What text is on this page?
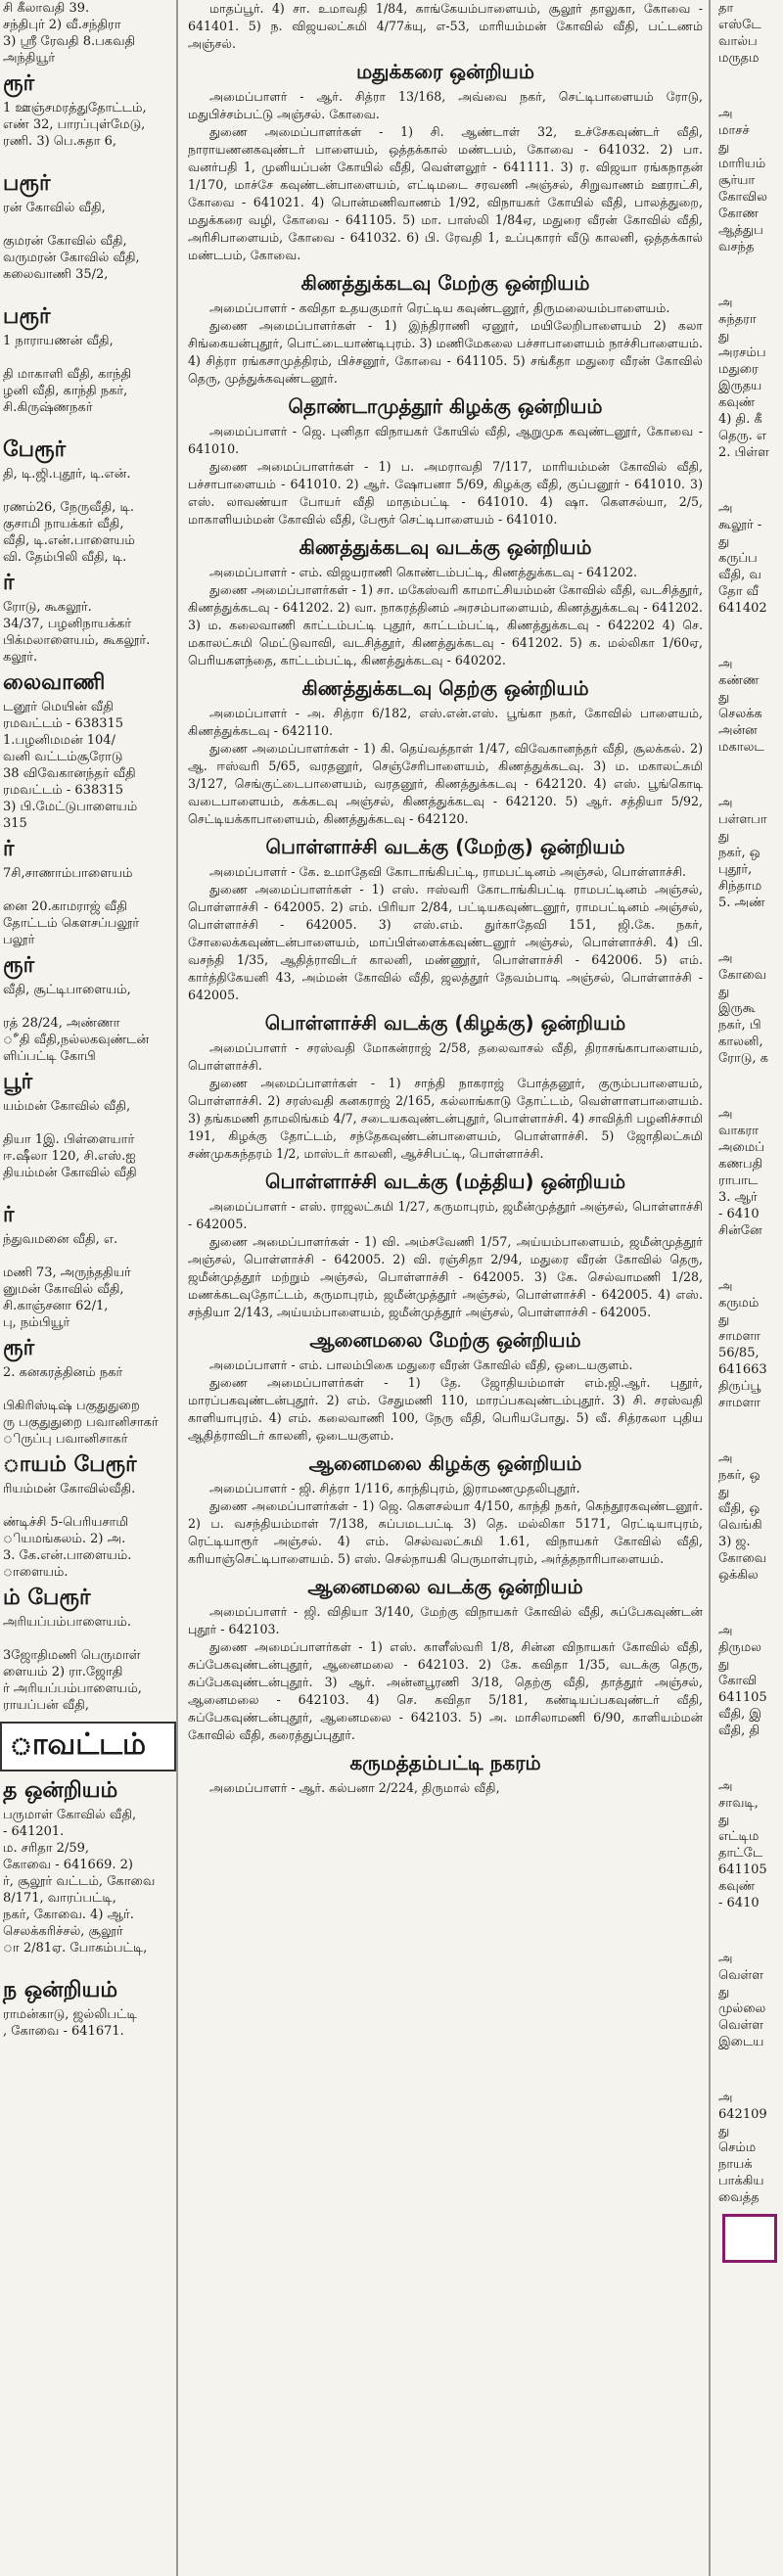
சி கீலாவதி 39.
சந்திபுர் 2) வீ.சந்திரா
3) ஸ்ரீ ரேவதி 8.பகவதி
அந்தியூர்
ரூர்
1 ஊஞ்சமரத்துதோட்டம்,
எண் 32, பாரப்புள்மேடு,
ரணி. 3) பெ.சுதா 6,

பரூர்
ரன் கோவில் வீதி,

குமரன் கோவில் வீதி,
வருமரன் கோவில் வீதி,
கலைவாணி 35/2,

பரூர்
1 நாராயணன் வீதி,

தி மாகாளி வீதி, காந்தி
ழனி வீதி, காந்தி நகர்,
சி.கிருஷ்ணநகர்

பேரூர்
தி, டி.ஜி.புதூர், டி.என்.

ரணம்26, நேருவீதி, டி.
குசாமி நாயக்கர் வீதி,
வீதி, டி.என்.பாளையம்
வி. தேம்பிலி வீதி, டி.
ர்
ரோடு, கூகலூர்.
34/37, பழனிநாயக்கர்
பிக்மலாளையம், கூகலூர்.
கலூர்.
லைவாணி
டனூர் மெயின் வீதி
ரமவட்டம் - 638315
1.பழனிமமன் 104/
வனி வட்டம்சூரோடு
38 விவேகானந்தர் வீதி
ரமவட்டம் - 638315
3) பி.மேட்டுபாளையம்
315
ர்
7சி,சாணாம்பாளையம்

னை 20.காமராஜ் வீதி
தோட்டம் கௌசப்பலூர்
பலூர்
ரூர்
வீதி, சூட்டிபாளையம்,

ரத் 28/24, அண்ணா
ீதி வீதி,நல்லகவுண்டன்
ளிப்பட்டி கோபி
பூர்
யம்மன் கோவில் வீதி,

தியா 1இ. பிள்ளையார்
ஈ.ஷீலா 120, சி.எஸ்.ஐ
தியம்மன் கோவில் வீதி

ர்
ந்துவமனை வீதி, எ.

மணி 73, அருந்ததியர்
னுமன் கோவில் வீதி,
சி.காஞ்சனா 62/1,
பு, நம்பியூர்
ரூர்
2. கனகரத்தினம் நகர்

பிகிரிஸ்டிஷ் பகுதுதுறை
ரு பகுதுதுறை பவானிசாகர்
ிருப்பு பவானிசாகர்
ாயம் பேரூர்
ரியம்மன் கோவில்வீதி.

ண்டிச்சி 5-பெரியசாமி
ியமங்கலம். 2) அ.
3. கே.என்.பாளையம்.
ாளையம்.
ம் பேரூர்
அரியப்பம்பாளையம்.

3ஜோதிமணி பெருமாள்
ளையம் 2) ரா.ஜோதி
ர் அரியப்பம்பாளையம்,
ராயப்பன் வீதி,
ாவட்டம்
த ஒன்றியம்
பருமாள் கோவில் வீதி,
- 641201.
ம. சரிதா 2/59,
கோவை - 641669. 2)
ர், சூலூர் வட்டம், கோவை
8/171, வாரப்பட்டி,
நகர், கோவை. 4) ஆர்.
செலக்கரிச்சல், சூலூர்
ா 2/81ஏ. போகம்பட்டி,

ந ஒன்றியம்
ராமன்காடு, ஜல்லிபட்டி
, கோவை - 641671.

மாதப்பூர். 4) சா. உமாவதி 1/84, காங்கேயம்பாளையம், சூலூர் தாலுகா, கோவை - 641401. 5) ந. விஜயலட்சுமி 4/77க்யு, எ-53, மாரியம்மன் கோவில் வீதி, பட்டணம் அஞ்சல்.

மதுக்கரை ஒன்றியம்

அமைப்பாளர் - ஆர். சித்ரா 13/168, அவ்வை நகர், செட்டிபாளையம் ரோடு, மதுபிச்சம்பட்டு அஞ்சல். கோவை.

துணை அமைப்பாளர்கள் - 1) சி. ஆண்டாள் 32, உச்சேகவுண்டர் வீதி, நாராயணனகவுண்டர் பாளையம், ஒத்தக்கால் மண்டபம், கோவை - 641032. 2) பா. வனர்பதி 1, முனியப்பன் கோயில் வீதி, வெள்ளலூர் - 641111. 3) ர. விஜயா ரங்கநாதன் 1/170, மாச்சே கவுண்டன்பாளையம், எட்டிமடை சரவணி அஞ்சல், சிறுவாணம் ஊராட்சி, கோவை - 641021. 4) பொன்மணிவாணம் 1/92, விநாயகர் கோயில் வீதி, பாலத்துறை, மதுக்கரை வழி, கோவை - 641105. 5) மா. பாஸ்லி 1/84ஏ, மதுரை வீரன் கோவில் வீதி, அரிசிபாளையம், கோவை - 641032. 6) பி. ரேவதி 1, உப்புகாரர் வீடு காலனி, ஒத்தக்கால் மண்டபம், கோவை.

கிணத்துக்கடவு மேற்கு ஒன்றியம்

அமைப்பாளர் - கவிதா உதயகுமார் ரெட்டிய கவுண்டனூர், திருமலையம்பாளையம்.

துணை அமைப்பாளர்கள் - 1) இந்திராணி ஏனூர், மயிலேறிபாளையம் 2) கலா சிங்கையன்புதூர், பொட்டையாண்டிபுரம். 3) மணிமேகலை பச்சாபாளையம் நாச்சிபாளையம். 4) சித்ரா ரங்கசாமுத்திரம், பிச்சனூர், கோவை - 641105. 5) சங்கீதா மதுரை வீரன் கோவில் தெரு, முத்துக்கவுண்டனூர்.

தொண்டாமுத்தூர் கிழக்கு ஒன்றியம்

அமைப்பாளர் - ஜெ. புனிதா விநாயகர் கோயில் வீதி, ஆறுமுக கவுண்டனூர், கோவை - 641010.

துணை அமைப்பாளர்கள் - 1) ப. அமராவதி 7/117, மாரியம்மன் கோவில் வீதி, பச்சாபாளையம் - 641010. 2) ஆர். ஷோபனா 5/69, கிழக்கு வீதி, குப்பனூர் - 641010. 3) எஸ். லாவண்யா போயர் வீதி மாதம்பட்டி - 641010. 4) ஷா. கௌசல்யா, 2/5, மாகாளியம்மன் கோவில் வீதி, பேரூர் செட்டிபாளையம் - 641010.

கிணத்துக்கடவு வடக்கு ஒன்றியம்

அமைப்பாளர் - எம். விஜயராணி கொண்டம்பட்டி, கிணத்துக்கடவு - 641202.

துணை அமைப்பாளர்கள் - 1) சா. மகேஸ்வரி காமாட்சியம்மன் கோவில் வீதி, வடசித்தூர், கிணத்துக்கடவு - 641202. 2) வா. நாகரத்தினம் அரசம்பாளையம், கிணத்துக்கடவு - 641202. 3) ம. கலைவாணி காட்டம்பட்டி புதூர், காட்டம்பட்டி, கிணத்துக்கடவு - 642202 4) செ. மகாலட்சுமி மெட்டுவாவி, வடசித்தூர், கிணத்துக்கடவு - 641202. 5) க. மல்லிகா 1/60ஏ, பெரியகளந்தை, காட்டம்பட்டி, கிணத்துக்கடவு - 640202.

கிணத்துக்கடவு தெற்கு ஒன்றியம்

அமைப்பாளர் - அ. சித்ரா 6/182, எஸ்.என்.எஸ். பூங்கா நகர், கோவில் பாளையம், கிணத்துக்கடவு - 642110.

துணை அமைப்பாளர்கள் - 1) கி. தெய்வத்தாள் 1/47, விவேகானந்தர் வீதி, சூலக்கல். 2) ஆ. ஈஸ்வரி 5/65, வரதனூர், செஞ்சேரிபாளையம், கிணத்துக்கடவு. 3) ம. மகாலட்சுமி 3/127, செங்குட்டைபாளையம், வரதனூர், கிணத்துக்கடவு - 642120. 4) எஸ். பூங்கொடி வடைபாளையம், கக்கடவு அஞ்சல், கிணத்துக்கடவு - 642120. 5) ஆர். சத்தியா 5/92, செட்டியக்காபாளையம், கிணத்துக்கடவு - 642120.

பொள்ளாச்சி வடக்கு (மேற்கு) ஒன்றியம்

அமைப்பாளர் - கே. உமாதேவி கோடாங்கிபட்டி, ராமபட்டினம் அஞ்சல், பொள்ளாச்சி.

துணை அமைப்பாளர்கள் - 1) எஸ். ஈஸ்வரி கோடாங்கிபட்டி ராமபட்டினம் அஞ்சல், பொள்ளாச்சி - 642005. 2) எம். பிரியா 2/84, பட்டியகவுண்டனூர், ராமபட்டினம் அஞ்சல், பொள்ளாச்சி - 642005. 3) எஸ்.எம். துர்காதேவி 151, ஜி.கே. நகர், சோலைக்கவுண்டன்பாளையம், மாப்பிள்ளைக்கவுண்டனூர் அஞ்சல், பொள்ளாச்சி. 4) பி. வசந்தி 1/35, ஆதித்ராவிடர் காலனி, மண்ணூர், பொள்ளாச்சி - 642006. 5) எம். கார்த்திகேயனி 43, அம்மன் கோவில் வீதி, ஜலத்தூர் தேவம்பாடி அஞ்சல், பொள்ளாச்சி - 642005.

பொள்ளாச்சி வடக்கு (கிழக்கு) ஒன்றியம்

அமைப்பாளர் - சரஸ்வதி மோகன்ராஜ் 2/58, தலைவாசல் வீதி, திராசங்காபாளையம், பொள்ளாச்சி.

துணை அமைப்பாளர்கள் - 1) சாந்தி நாகராஜ் போத்தனூர், குரும்பபாளையம், பொள்ளாச்சி. 2) சரஸ்வதி கனகராஜ் 2/165, கல்லாங்காடு தோட்டம், வெள்ளாளபாளையம். 3) தங்கமணி தாமலிங்கம் 4/7, சடையகவுண்டன்புதூர், பொள்ளாச்சி. 4) சாவித்ரி பழனிச்சாமி 191, கிழக்கு தோட்டம், சந்தேகவுண்டன்பாளையம், பொள்ளாச்சி. 5) ஜோதிலட்சுமி சண்முகசுந்தரம் 1/2, மாஸ்டர் காலனி, ஆச்சிபட்டி, பொள்ளாச்சி.

பொள்ளாச்சி வடக்கு (மத்திய) ஒன்றியம்

அமைப்பாளர் - எஸ். ராஜலட்சுமி 1/27, கருமாபுரம், ஜமீன்முத்தூர் அஞ்சல், பொள்ளாச்சி - 642005.

துணை அமைப்பாளர்கள் - 1) வி. அம்சவேணி 1/57, அய்யம்பாளையம், ஜமீன்முத்தூர் அஞ்சல், பொள்ளாச்சி - 642005. 2) வி. ரஞ்சிதா 2/94, மதுரை வீரன் கோவில் தெரு, ஜமீன்முத்தூர் மற்றும் அஞ்சல், பொள்ளாச்சி - 642005. 3) கே. செல்வாமணி 1/28, மணக்கடவுதோட்டம், கருமாபுரம், ஜமீன்முத்தூர் அஞ்சல், பொள்ளாச்சி - 642005. 4) எஸ். சந்தியா 2/143, அய்யம்பாளையம், ஜமீன்முத்தூர் அஞ்சல், பொள்ளாச்சி - 642005.

ஆனைமலை மேற்கு ஒன்றியம்

அமைப்பாளர் - எம். பாலம்பிகை மதுரை வீரன் கோவில் வீதி, ஒடையகுளம்.

துணை அமைப்பாளர்கள் - 1) தே. ஜோதியம்மாள் எம்.ஜி.ஆர். புதூர், மாரப்பகவுண்டன்புதூர். 2) எம். சேதுமணி 110, மாரப்பகவுண்டம்புதூர். 3) சி. சரஸ்வதி காளியாபுரம். 4) எம். கலைவாணி 100, நேரு வீதி, பெரியபோது. 5) வீ. சித்ரகலா புதிய ஆதித்ராவிடர் காலனி, ஒடையகுளம்.

ஆனைமலை கிழக்கு ஒன்றியம்

அமைப்பாளர் - ஜி. சித்ரா 1/116, காந்திபுரம், இராமணமுதலிபுதூர்.

துணை அமைப்பாளர்கள் - 1) ஜெ. கௌசல்யா 4/150, காந்தி நகர், கெந்தூரகவுண்டனூர். 2) ப. வசந்தியம்மாள் 7/138, சுப்பமடபட்டி 3) தெ. மல்லிகா 5171, ரெட்டியாபுரம், ரெட்டியாரூர் அஞ்சல். 4) எம். செல்வலட்சுமி 1.61, விநாயகர் கோவில் வீதி, கரியாஞ்செட்டிபாளையம். 5) எஸ். செல்நாயகி பெருமாள்புரம், அர்த்தநாரிபாளையம்.

ஆனைமலை வடக்கு ஒன்றியம்

அமைப்பாளர் - ஜி. விதியா 3/140, மேற்கு விநாயகர் கோவில் வீதி, சுப்பேகவுண்டன் புதூர் - 642103.

துணை அமைப்பாளர்கள் - 1) எஸ். காளீஸ்வரி 1/8, சின்ன விநாயகர் கோவில் வீதி, சுப்பேகவுண்டன்புதூர், ஆனைமலை - 642103. 2) கே. கவிதா 1/35, வடக்கு தெரு, சுப்பேகவுண்டன்புதூர். 3) ஆர். அன்னபூரணி 3/18, தெற்கு வீதி, தாத்தூர் அஞ்சல், ஆனைமலை - 642103. 4) செ. கவிதா 5/181, கண்டியப்பகவுண்டர் வீதி, சுப்பேகவுண்டன்புதூர், ஆனைமலை - 642103. 5) அ. மாசிலாமணி 6/90, காளியம்மன் கோவில் வீதி, கரைத்துப்புதூர்.

கருமத்தம்பட்டி நகரம்

அமைப்பாளர் - ஆர். கல்பனா 2/224, திருமால் வீதி,

தா
எஸ்டே
வால்ப
மருதம
அ
மாசச்
து
மாரியம்
சூர்யா
கோவில
கோண
ஆத்துப
வசந்த
அ
சுந்தரா
து
அரசம்ப
மதுரை
இருதய
கவுண்
4) தி. கீ
தெரு. எ
2. பிள்ள
அ
கூலூர் -
து
கருப்ப
வீதி, வ
தோ வீ
641402
அ
கண்ண
து
செலக்க
அன்ன
மகாலட
அ
பள்ளபா
து
நகர், ஒ
புதூர்,
சிந்தாம
5. அண்
அ
கோவை
து
இருகூ
நகர், பி
காலனி,
ரோடு, க
அ
வாகரா
அமைப்
கணபதி
ராபாட
3. ஆர்
- 6410
சின்னே
அ
கருமம்
து
சாமளா
56/85,
641663
திருப்பூ
சாமளா
அ
நகர், ஒ
து
வீதி, ஒ
வெங்கி
3) ஜ.
கோவை
ஒக்கில
அ
திருமல
து
கோவி
641105
வீதி, இ
வீதி, தி
அ
சாவடி,
து
எட்டிம
தாட்டே
641105
கவுண்
- 6410
அ
வெள்ள
து
முல்லை
வெள்ள
இடைய
அ
642109
து
செம்ம
நாயக்
பாக்கிய
வைத்த
